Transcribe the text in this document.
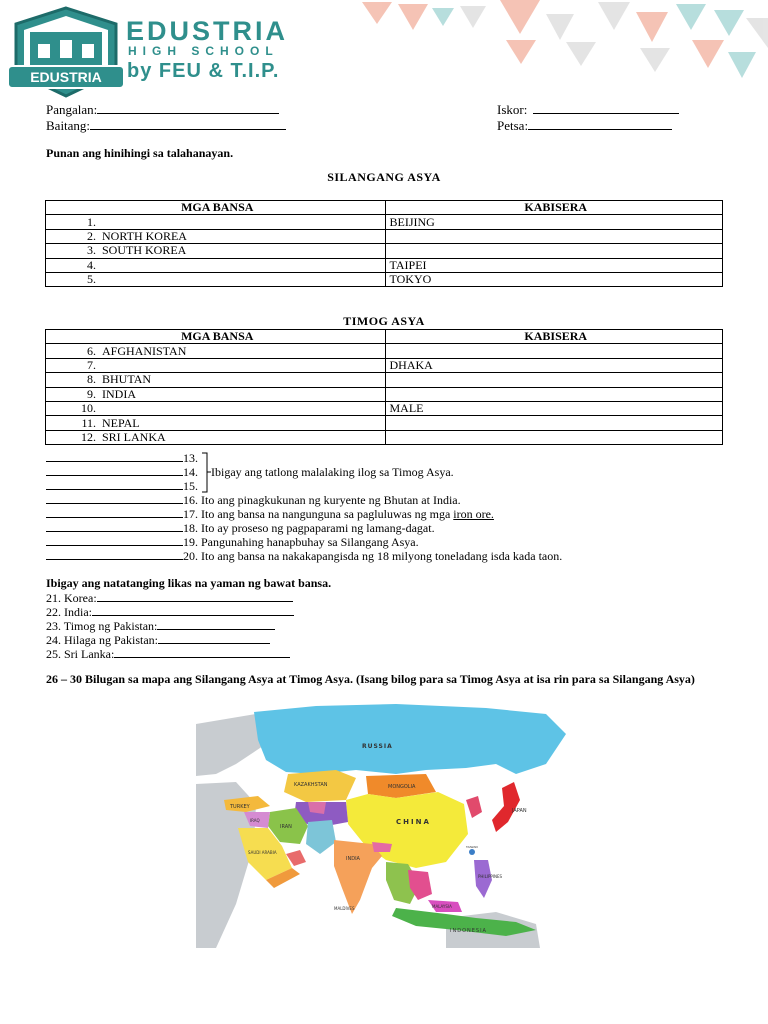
EDUSTRIA
EDUSTRIA
HIGH SCHOOL
by FEU & T.I.P.
Pangalan:
Baitang:
Iskor:
Petsa:
Punan ang hinihingi sa talahanayan.
SILANGANG ASYA
MGA BANSA	KABISERA
1.	BEIJING
2. NORTH KOREA	
3. SOUTH KOREA	
4.	TAIPEI
5.	TOKYO
TIMOG ASYA
MGA BANSA	KABISERA
6. AFGHANISTAN	
7.	DHAKA
8. BHUTAN	
9. INDIA	
10.	MALE
11. NEPAL	
12. SRI LANKA	
13.
14. Ibigay ang tatlong malalaking ilog sa Timog Asya.
15.
16. Ito ang pinagkukunan ng kuryente ng Bhutan at India.
17. Ito ang bansa na nangunguna sa pagluluwas ng mga iron ore.
18. Ito ay proseso ng pagpaparami ng lamang-dagat.
19. Pangunahing hanapbuhay sa Silangang Asya.
20. Ito ang bansa na nakakapangisda ng 18 milyong toneladang isda kada taon.
Ibigay ang natatanging likas na yaman ng bawat bansa.
21. Korea:
22. India:
23. Timog ng Pakistan:
24. Hilaga ng Pakistan:
25. Sri Lanka:
26 – 30 Bilugan sa mapa ang Silangang Asya at Timog Asya. (Isang bilog para sa Timog Asya at isa rin para sa Silangang Asya)
RUSSIA
MONGOLIA
KAZAKHSTAN
CHINA
INDIA
JAPAN
TURKEY
IRAN
IRAQ
SAUDI ARABIA
PHILIPPINES
INDONESIA
MALDIVES	MALAYSIA
TAIWAN
